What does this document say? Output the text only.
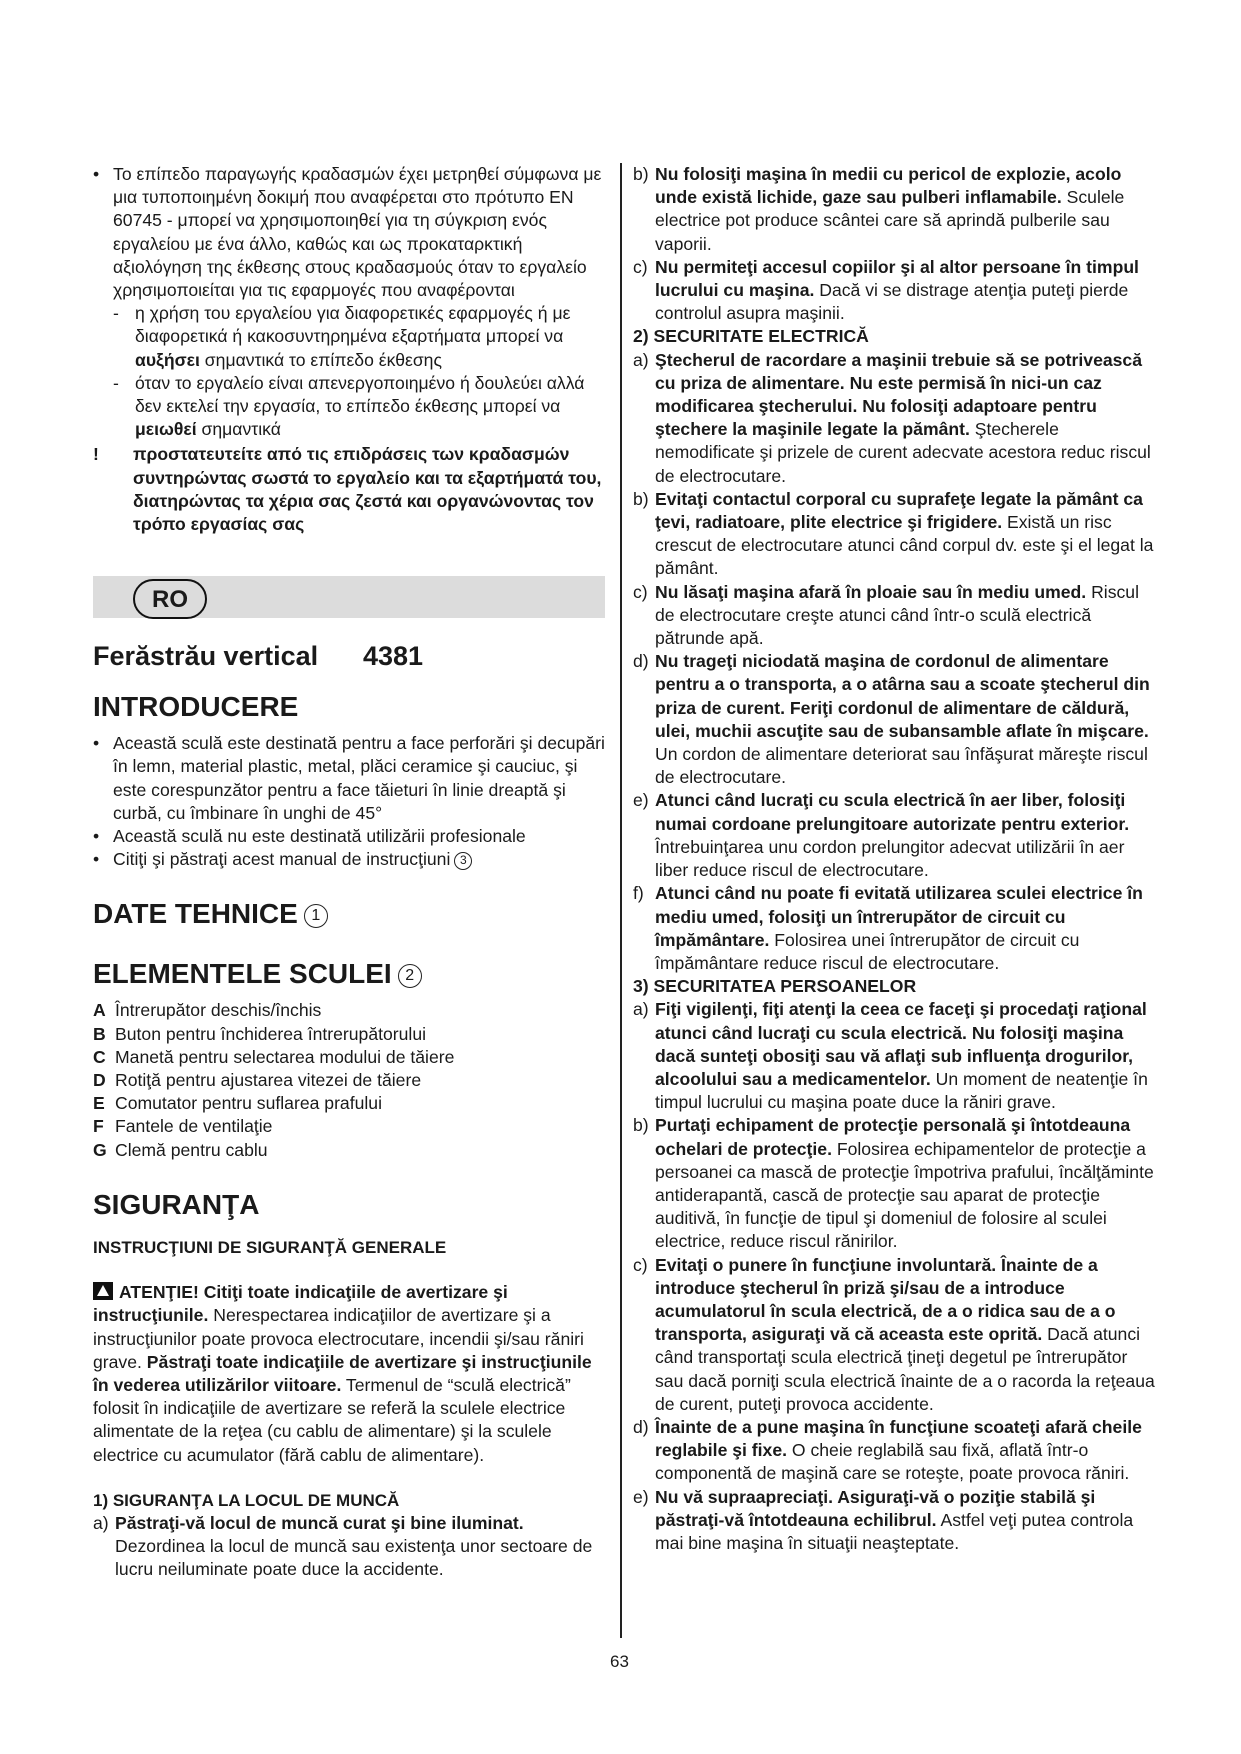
• Το επίπεδο παραγωγής κραδασμών έχει μετρηθεί σύμφωνα με μια τυποποιημένη δοκιμή που αναφέρεται στο πρότυπο EN 60745 - μπορεί να χρησιμοποιηθεί για τη σύγκριση ενός εργαλείου με ένα άλλο, καθώς και ως προκαταρκτική αξιολόγηση της έκθεσης στους κραδασμούς όταν το εργαλείο χρησιμοποιείται για τις εφαρμογές που αναφέρονται

- η χρήση του εργαλείου για διαφορετικές εφαρμογές ή με διαφορετικά ή κακοσυντηρημένα εξαρτήματα μπορεί να αυξήσει σημαντικά το επίπεδο έκθεσης

- όταν το εργαλείο είναι απενεργοποιημένο ή δουλεύει αλλά δεν εκτελεί την εργασία, το επίπεδο έκθεσης μπορεί να μειωθεί σημαντικά

!	προστατευτείτε από τις επιδράσεις των κραδασμών συντηρώντας σωστά το εργαλείο και τα εξαρτήματά του, διατηρώντας τα χέρια σας ζεστά και οργανώνοντας τον τρόπο εργασίας σας

RO
Ferăstrău vertical	4381
INTRODUCERE
• Această sculă este destinată pentru a face perforări şi decupări în lemn, material plastic, metal, plăci ceramice şi cauciuc, şi este corespunzător pentru a face tăieturi în linie dreaptă şi curbă, cu îmbinare în unghi de 45°

• Această sculă nu este destinată utilizării profesionale

• Citiţi şi păstraţi acest manual de instrucţiuni 3

DATE TEHNICE 1
ELEMENTELE SCULEI 2
A Întrerupător deschis/închis
B Buton pentru închiderea întrerupătorului
C Manetă pentru selectarea modului de tăiere
D Rotiţă pentru ajustarea vitezei de tăiere
E Comutator pentru suflarea prafului
F Fantele de ventilaţie
G Clemă pentru cablu
SIGURANŢA

INSTRUCŢIUNI DE SIGURANŢĂ GENERALE

ATENŢIE! Citiţi toate indicaţiile de avertizare şi instrucţiunile. Nerespectarea indicaţiilor de avertizare şi a instrucţiunilor poate provoca electrocutare, incendii şi/sau răniri grave. Păstraţi toate indicaţiile de avertizare şi instrucţiunile în vederea utilizărilor viitoare. Termenul de “sculă electrică” folosit în indicaţiile de avertizare se referă la sculele electrice alimentate de la reţea (cu cablu de alimentare) şi la sculele electrice cu acumulator (fără cablu de alimentare).

1) SIGURANŢA LA LOCUL DE MUNCĂ

a) Păstraţi-vă locul de muncă curat şi bine iluminat.
Dezordinea la locul de muncă sau existenţa unor sectoare de lucru neiluminate poate duce la accidente.

b) Nu folosiţi maşina în medii cu pericol de explozie, acolo unde există lichide, gaze sau pulberi inflamabile. Sculele electrice pot produce scântei care să aprindă pulberile sau vaporii.

c) Nu permiteţi accesul copiilor şi al altor persoane în timpul lucrului cu maşina. Dacă vi se distrage atenţia puteţi pierde controlul asupra maşinii.

2) SECURITATE ELECTRICĂ

a) Ştecherul de racordare a maşinii trebuie să se potrivească cu priza de alimentare. Nu este permisă în nici-un caz modificarea ştecherului. Nu folosiţi adaptoare pentru ştechere la maşinile legate la pământ. Ştecherele nemodificate şi prizele de curent adecvate acestora reduc riscul de electrocutare.

b) Evitaţi contactul corporal cu suprafeţe legate la pământ ca ţevi, radiatoare, plite electrice şi frigidere. Există un risc crescut de electrocutare atunci când corpul dv. este şi el legat la pământ.

c) Nu lăsaţi maşina afară în ploaie sau în mediu umed. Riscul de electrocutare creşte atunci când într-o sculă electrică pătrunde apă.

d) Nu trageţi niciodată maşina de cordonul de alimentare pentru a o transporta, a o atârna sau a scoate ştecherul din priza de curent. Feriţi cordonul de alimentare de căldură, ulei, muchii ascuţite sau de subansamble aflate în mişcare. Un cordon de alimentare deteriorat sau înfăşurat măreşte riscul de electrocutare.

e) Atunci când lucraţi cu scula electrică în aer liber, folosiţi numai cordoane prelungitoare autorizate pentru exterior. Întrebuinţarea unu cordon prelungitor adecvat utilizării în aer liber reduce riscul de electrocutare.

f) Atunci când nu poate fi evitată utilizarea sculei electrice în mediu umed, folosiţi un întrerupător de circuit cu împământare. Folosirea unei întrerupător de circuit cu împământare reduce riscul de electrocutare.

3) SECURITATEA PERSOANELOR

a) Fiţi vigilenţi, fiţi atenţi la ceea ce faceţi şi procedaţi raţional atunci când lucraţi cu scula electrică. Nu folosiţi maşina dacă sunteţi obosiţi sau vă aflaţi sub influenţa drogurilor, alcoolului sau a medicamentelor. Un moment de neatenţie în timpul lucrului cu maşina poate duce la răniri grave.

b) Purtaţi echipament de protecţie personală şi întotdeauna ochelari de protecţie. Folosirea echipamentelor de protecţie a persoanei ca mască de protecţie împotriva prafului, încălţăminte antiderapantă, cască de protecţie sau aparat de protecţie auditivă, în funcţie de tipul şi domeniul de folosire al sculei electrice, reduce riscul rănirilor.

c) Evitaţi o punere în funcţiune involuntară. Înainte de a introduce ştecherul în priză şi/sau de a introduce acumulatorul în scula electrică, de a o ridica sau de a o transporta, asiguraţi vă că aceasta este oprită. Dacă atunci când transportaţi scula electrică ţineţi degetul pe întrerupător sau dacă porniţi scula electrică înainte de a o racorda la reţeaua de curent, puteţi provoca accidente.

d) Înainte de a pune maşina în funcţiune scoateţi afară cheile reglabile şi fixe. O cheie reglabilă sau fixă, aflată într-o componentă de maşină care se roteşte, poate provoca răniri.

e) Nu vă supraapreciaţi. Asiguraţi-vă o poziţie stabilă şi păstraţi-vă întotdeauna echilibrul. Astfel veţi putea controla mai bine maşina în situaţii neaşteptate.

63
